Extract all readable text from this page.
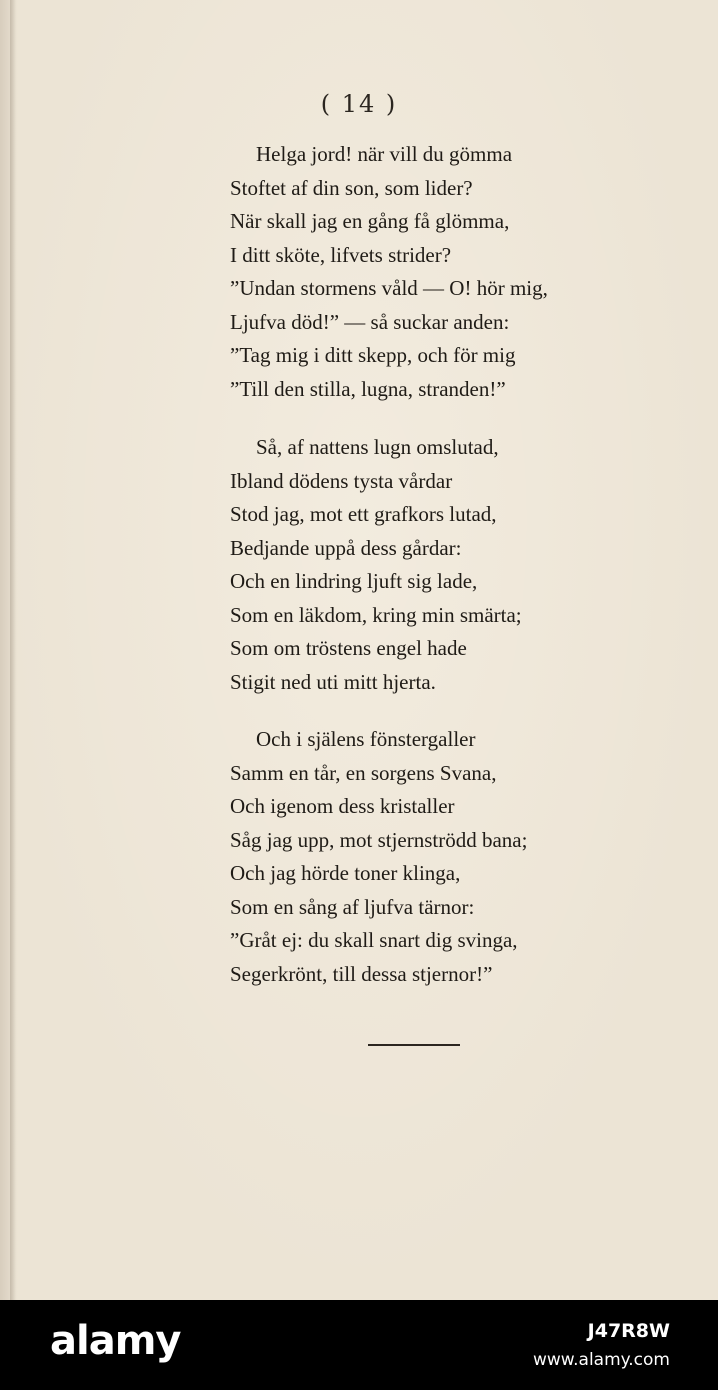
( 14 )
Helga jord! när vill du gömma
Stoftet af din son, som lider?
När skall jag en gång få glömma,
I ditt sköte, lifvets strider?
”Undan stormens våld — O! hör mig,
Ljufva död!” — så suckar anden:
”Tag mig i ditt skepp, och för mig
”Till den stilla, lugna, stranden!”
Så, af nattens lugn omslutad,
Ibland dödens tysta vårdar
Stod jag, mot ett grafkors lutad,
Bedjande uppå dess gårdar:
Och en lindring ljuft sig lade,
Som en läkdom, kring min smärta;
Som om tröstens engel hade
Stigit ned uti mitt hjerta.
Och i själens fönstergaller
Samm en tår, en sorgens Svana,
Och igenom dess kristaller
Såg jag upp, mot stjernströdd bana;
Och jag hörde toner klinga,
Som en sång af ljufva tärnor:
”Gråt ej: du skall snart dig svinga,
Segerkrönt, till dessa stjernor!”
alamy	J47R8W
www.alamy.com
